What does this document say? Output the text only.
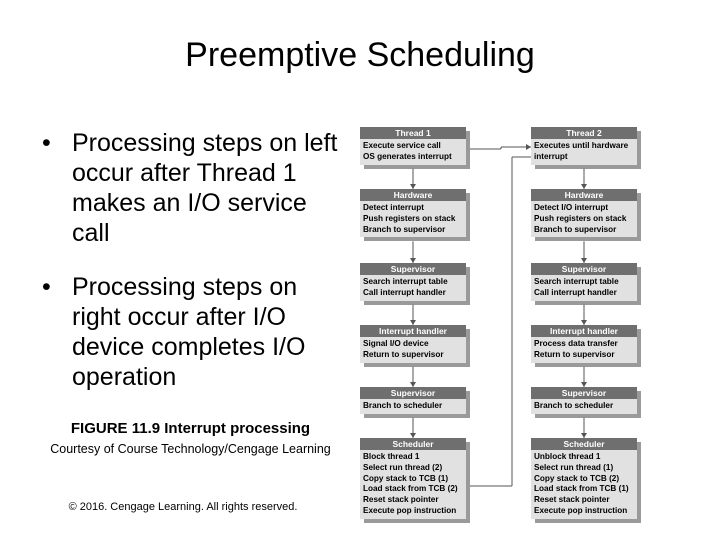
Preemptive Scheduling
• Processing steps on left occur after Thread 1 makes an I/O service call
• Processing steps on right occur after I/O device completes I/O operation
FIGURE 11.9 Interrupt processing
Courtesy of Course Technology/Cengage Learning
© 2016. Cengage Learning. All rights reserved.
Thread 1
Execute service call
OS generates interrupt
Hardware
Detect interrupt
Push registers on stack
Branch to supervisor
Supervisor
Search interrupt table
Call interrupt handler
Interrupt handler
Signal I/O device
Return to supervisor
Supervisor
Branch to scheduler
Scheduler
Block thread 1
Select run thread (2)
Copy stack to TCB (1)
Load stack from TCB (2)
Reset stack pointer
Execute pop instruction
Thread 2
Executes until hardware
interrupt
Hardware
Detect I/O interrupt
Push registers on stack
Branch to supervisor
Supervisor
Search interrupt table
Call interrupt handler
Interrupt handler
Process data transfer
Return to supervisor
Supervisor
Branch to scheduler
Scheduler
Unblock thread 1
Select run thread (1)
Copy stack to TCB (2)
Load stack from TCB (1)
Reset stack pointer
Execute pop instruction
